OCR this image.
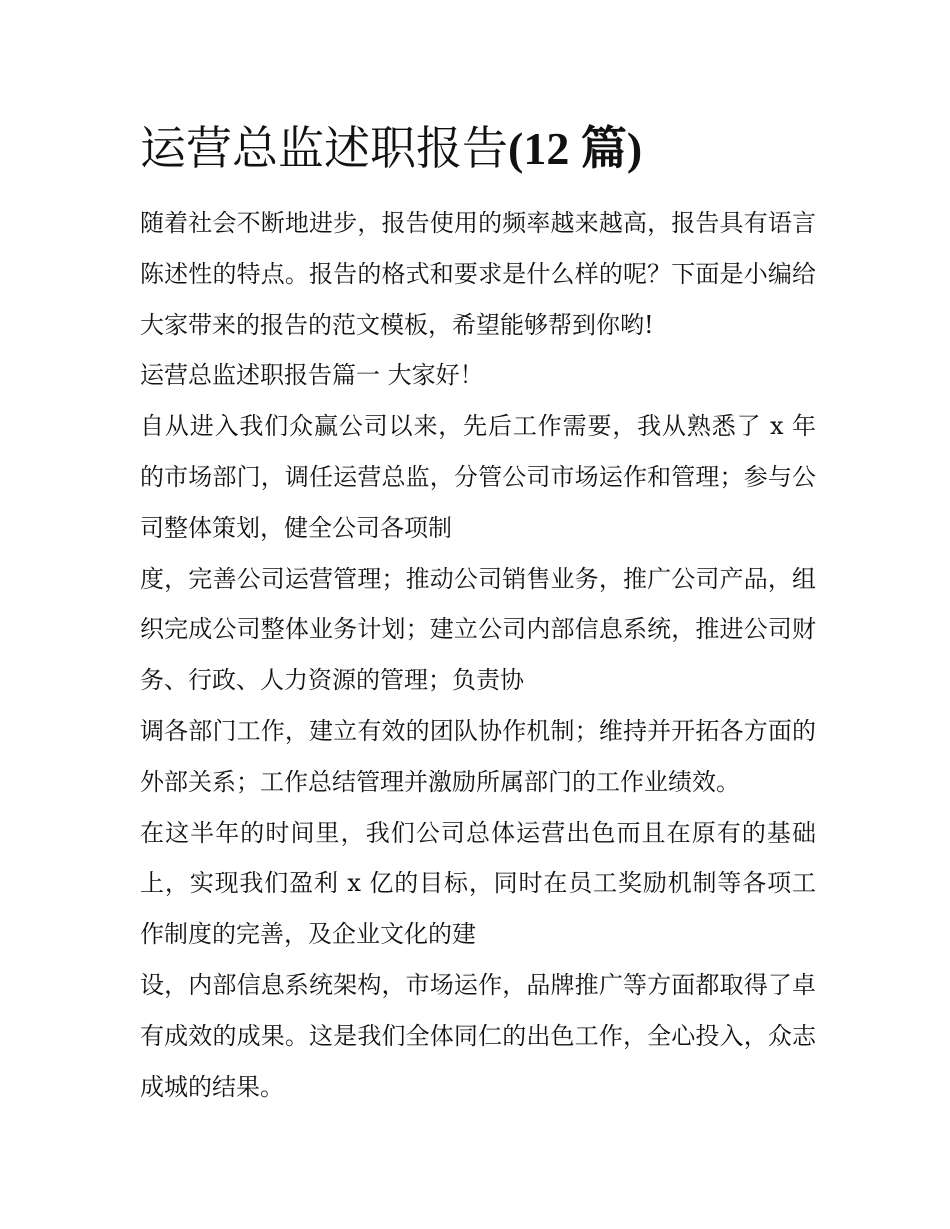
运营总监述职报告(12 篇)

随着社会不断地进步，报告使用的频率越来越高，报告具有语言陈述性的特点。报告的格式和要求是什么样的呢？下面是小编给大家带来的报告的范文模板，希望能够帮到你哟!

运营总监述职报告篇一 大家好！

自从进入我们众赢公司以来，先后工作需要，我从熟悉了 x 年的市场部门，调任运营总监，分管公司市场运作和管理；参与公司整体策划，健全公司各项制

度，完善公司运营管理；推动公司销售业务，推广公司产品，组织完成公司整体业务计划；建立公司内部信息系统，推进公司财务、行政、人力资源的管理；负责协

调各部门工作，建立有效的团队协作机制；维持并开拓各方面的外部关系；工作总结管理并激励所属部门的工作业绩效。

在这半年的时间里，我们公司总体运营出色而且在原有的基础上，实现我们盈利 x 亿的目标，同时在员工奖励机制等各项工作制度的完善，及企业文化的建

设，内部信息系统架构，市场运作，品牌推广等方面都取得了卓有成效的成果。这是我们全体同仁的出色工作，全心投入，众志成城的结果。
